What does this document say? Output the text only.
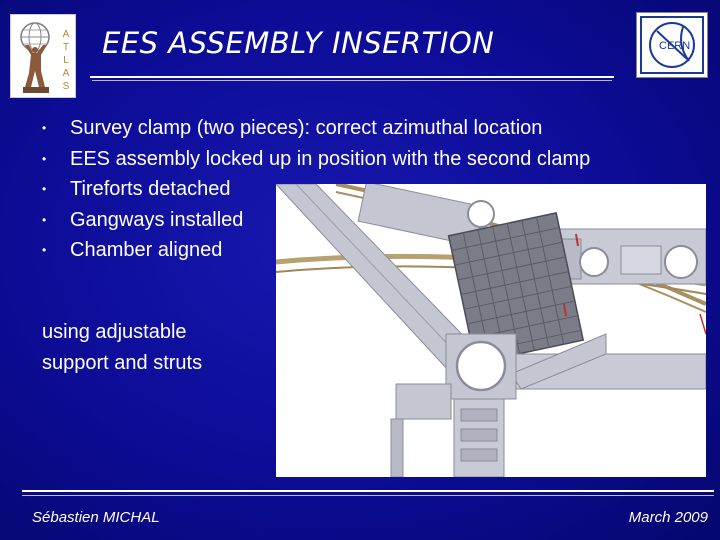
A
T
L
A
S
EES ASSEMBLY INSERTION	CERN
•	Survey clamp (two pieces): correct azimuthal location
•	EES assembly locked up in position with the second clamp
•	Tireforts detached
•	Gangways installed
•	Chamber aligned
using adjustable
support and struts
Sébastien MICHAL	March 2009
